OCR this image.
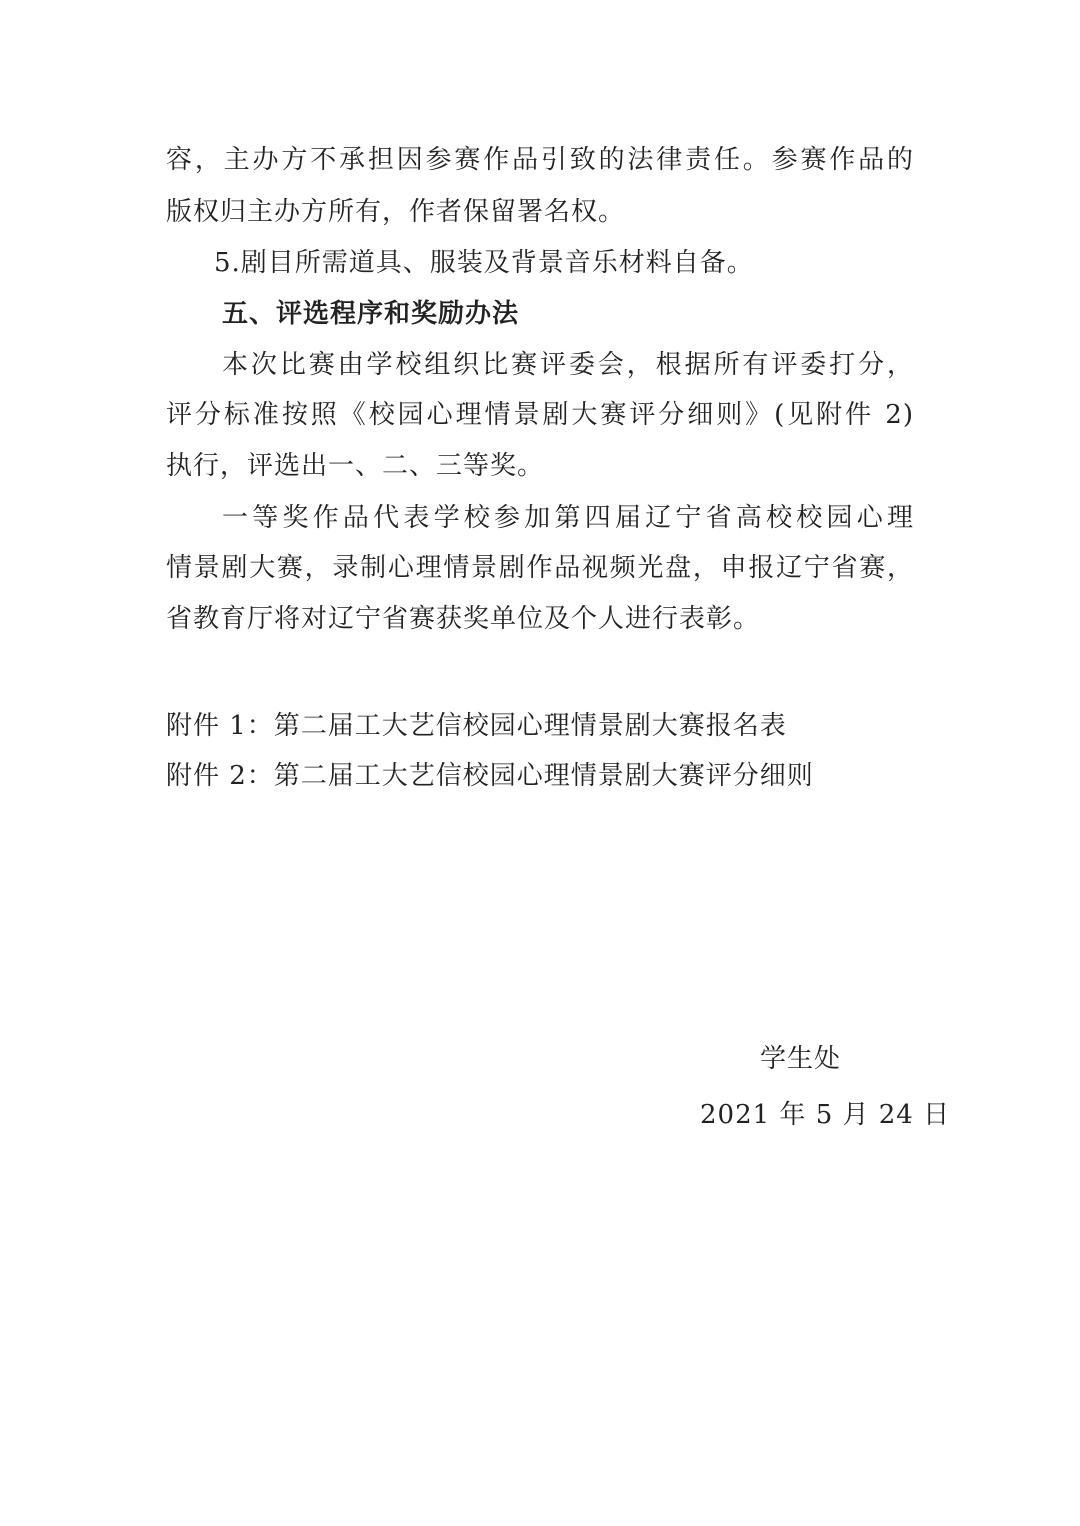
容，主办方不承担因参赛作品引致的法律责任。参赛作品的
版权归主办方所有，作者保留署名权。
5.剧目所需道具、服装及背景音乐材料自备。
五、评选程序和奖励办法
本次比赛由学校组织比赛评委会，根据所有评委打分，
评分标准按照《校园心理情景剧大赛评分细则》(见附件 2)
执行，评选出一、二、三等奖。
一等奖作品代表学校参加第四届辽宁省高校校园心理
情景剧大赛，录制心理情景剧作品视频光盘，申报辽宁省赛，
省教育厅将对辽宁省赛获奖单位及个人进行表彰。
附件 1：第二届工大艺信校园心理情景剧大赛报名表
附件 2：第二届工大艺信校园心理情景剧大赛评分细则
学生处
2021 年 5 月 24 日
